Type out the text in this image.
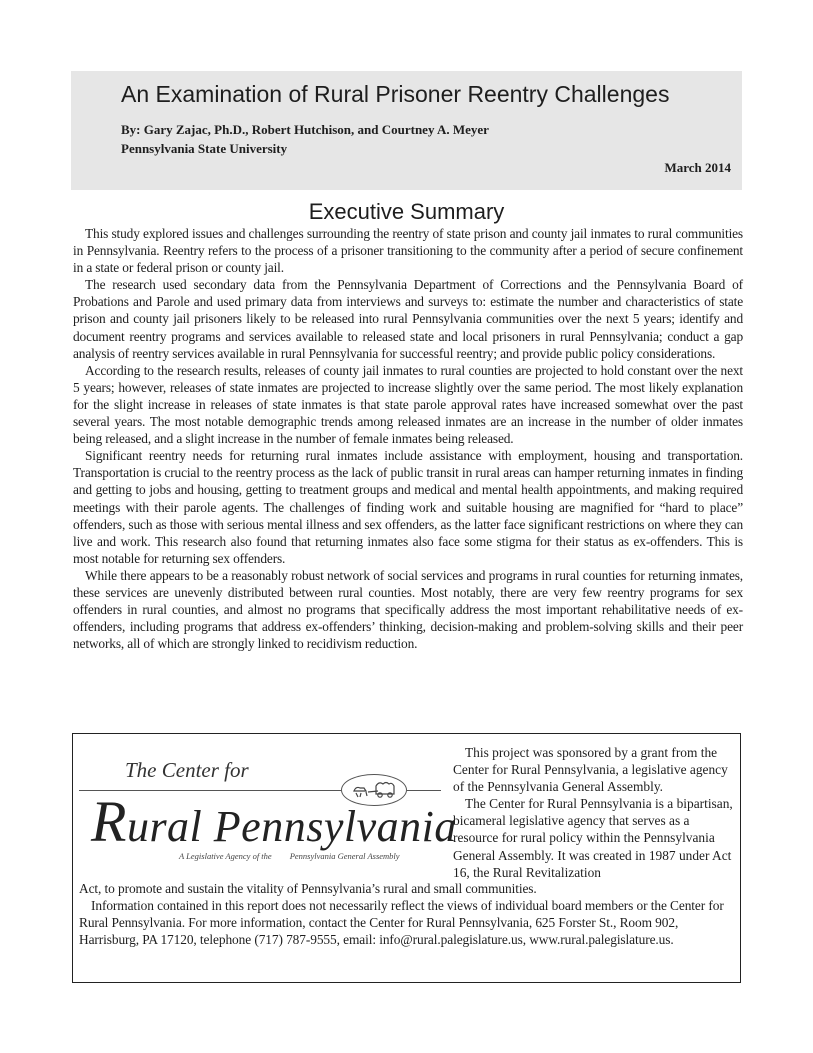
An Examination of Rural Prisoner Reentry Challenges
By: Gary Zajac, Ph.D., Robert Hutchison, and Courtney A. Meyer
Pennsylvania State University
March 2014
Executive Summary

This study explored issues and challenges surrounding the reentry of state prison and county jail inmates to rural communities in Pennsylvania. Reentry refers to the process of a prisoner transitioning to the community after a period of secure confinement in a state or federal prison or county jail.

The research used secondary data from the Pennsylvania Department of Corrections and the Pennsylvania Board of Probations and Parole and used primary data from interviews and surveys to: estimate the number and characteristics of state prison and county jail prisoners likely to be released into rural Pennsylvania communities over the next 5 years; identify and document reentry programs and services available to released state and local prisoners in rural Pennsylvania; conduct a gap analysis of reentry services available in rural Pennsylvania for successful reentry; and provide public policy considerations.

According to the research results, releases of county jail inmates to rural counties are projected to hold constant over the next 5 years; however, releases of state inmates are projected to increase slightly over the same period. The most likely explanation for the slight increase in releases of state inmates is that state parole approval rates have increased somewhat over the past several years. The most notable demographic trends among released inmates are an increase in the number of older inmates being released, and a slight increase in the number of female inmates being released.

Significant reentry needs for returning rural inmates include assistance with employment, housing and transportation. Transportation is crucial to the reentry process as the lack of public transit in rural areas can hamper returning inmates in finding and getting to jobs and housing, getting to treatment groups and medical and mental health appointments, and making required meetings with their parole agents. The challenges of finding work and suitable housing are magnified for “hard to place” offenders, such as those with serious mental illness and sex offenders, as the latter face significant restrictions on where they can live and work. This research also found that returning inmates also face some stigma for their status as ex-offenders. This is most notable for returning sex offenders.

While there appears to be a reasonably robust network of social services and programs in rural counties for returning inmates, these services are unevenly distributed between rural counties. Most notably, there are very few reentry programs for sex offenders in rural counties, and almost no programs that specifically address the most important rehabilitative needs of ex-offenders, including programs that address ex-offenders’ thinking, decision-making and problem-solving skills and their peer networks, all of which are strongly linked to recidivism reduction.

The Center for
Rural Pennsylvania
A Legislative Agency of the Pennsylvania General Assembly

This project was sponsored by a grant from the Center for Rural Pennsylvania, a legislative agency of the Pennsylvania General Assembly.

The Center for Rural Pennsylvania is a bipartisan, bicameral legislative agency that serves as a resource for rural policy within the Pennsylvania General Assembly. It was created in 1987 under Act 16, the Rural Revitalization

Act, to promote and sustain the vitality of Pennsylvania’s rural and small communities.

Information contained in this report does not necessarily reflect the views of individual board members or the Center for Rural Pennsylvania. For more information, contact the Center for Rural Pennsylvania, 625 Forster St., Room 902, Harrisburg, PA 17120, telephone (717) 787-9555, email: info@rural.palegislature.us, www.rural.palegislature.us.
